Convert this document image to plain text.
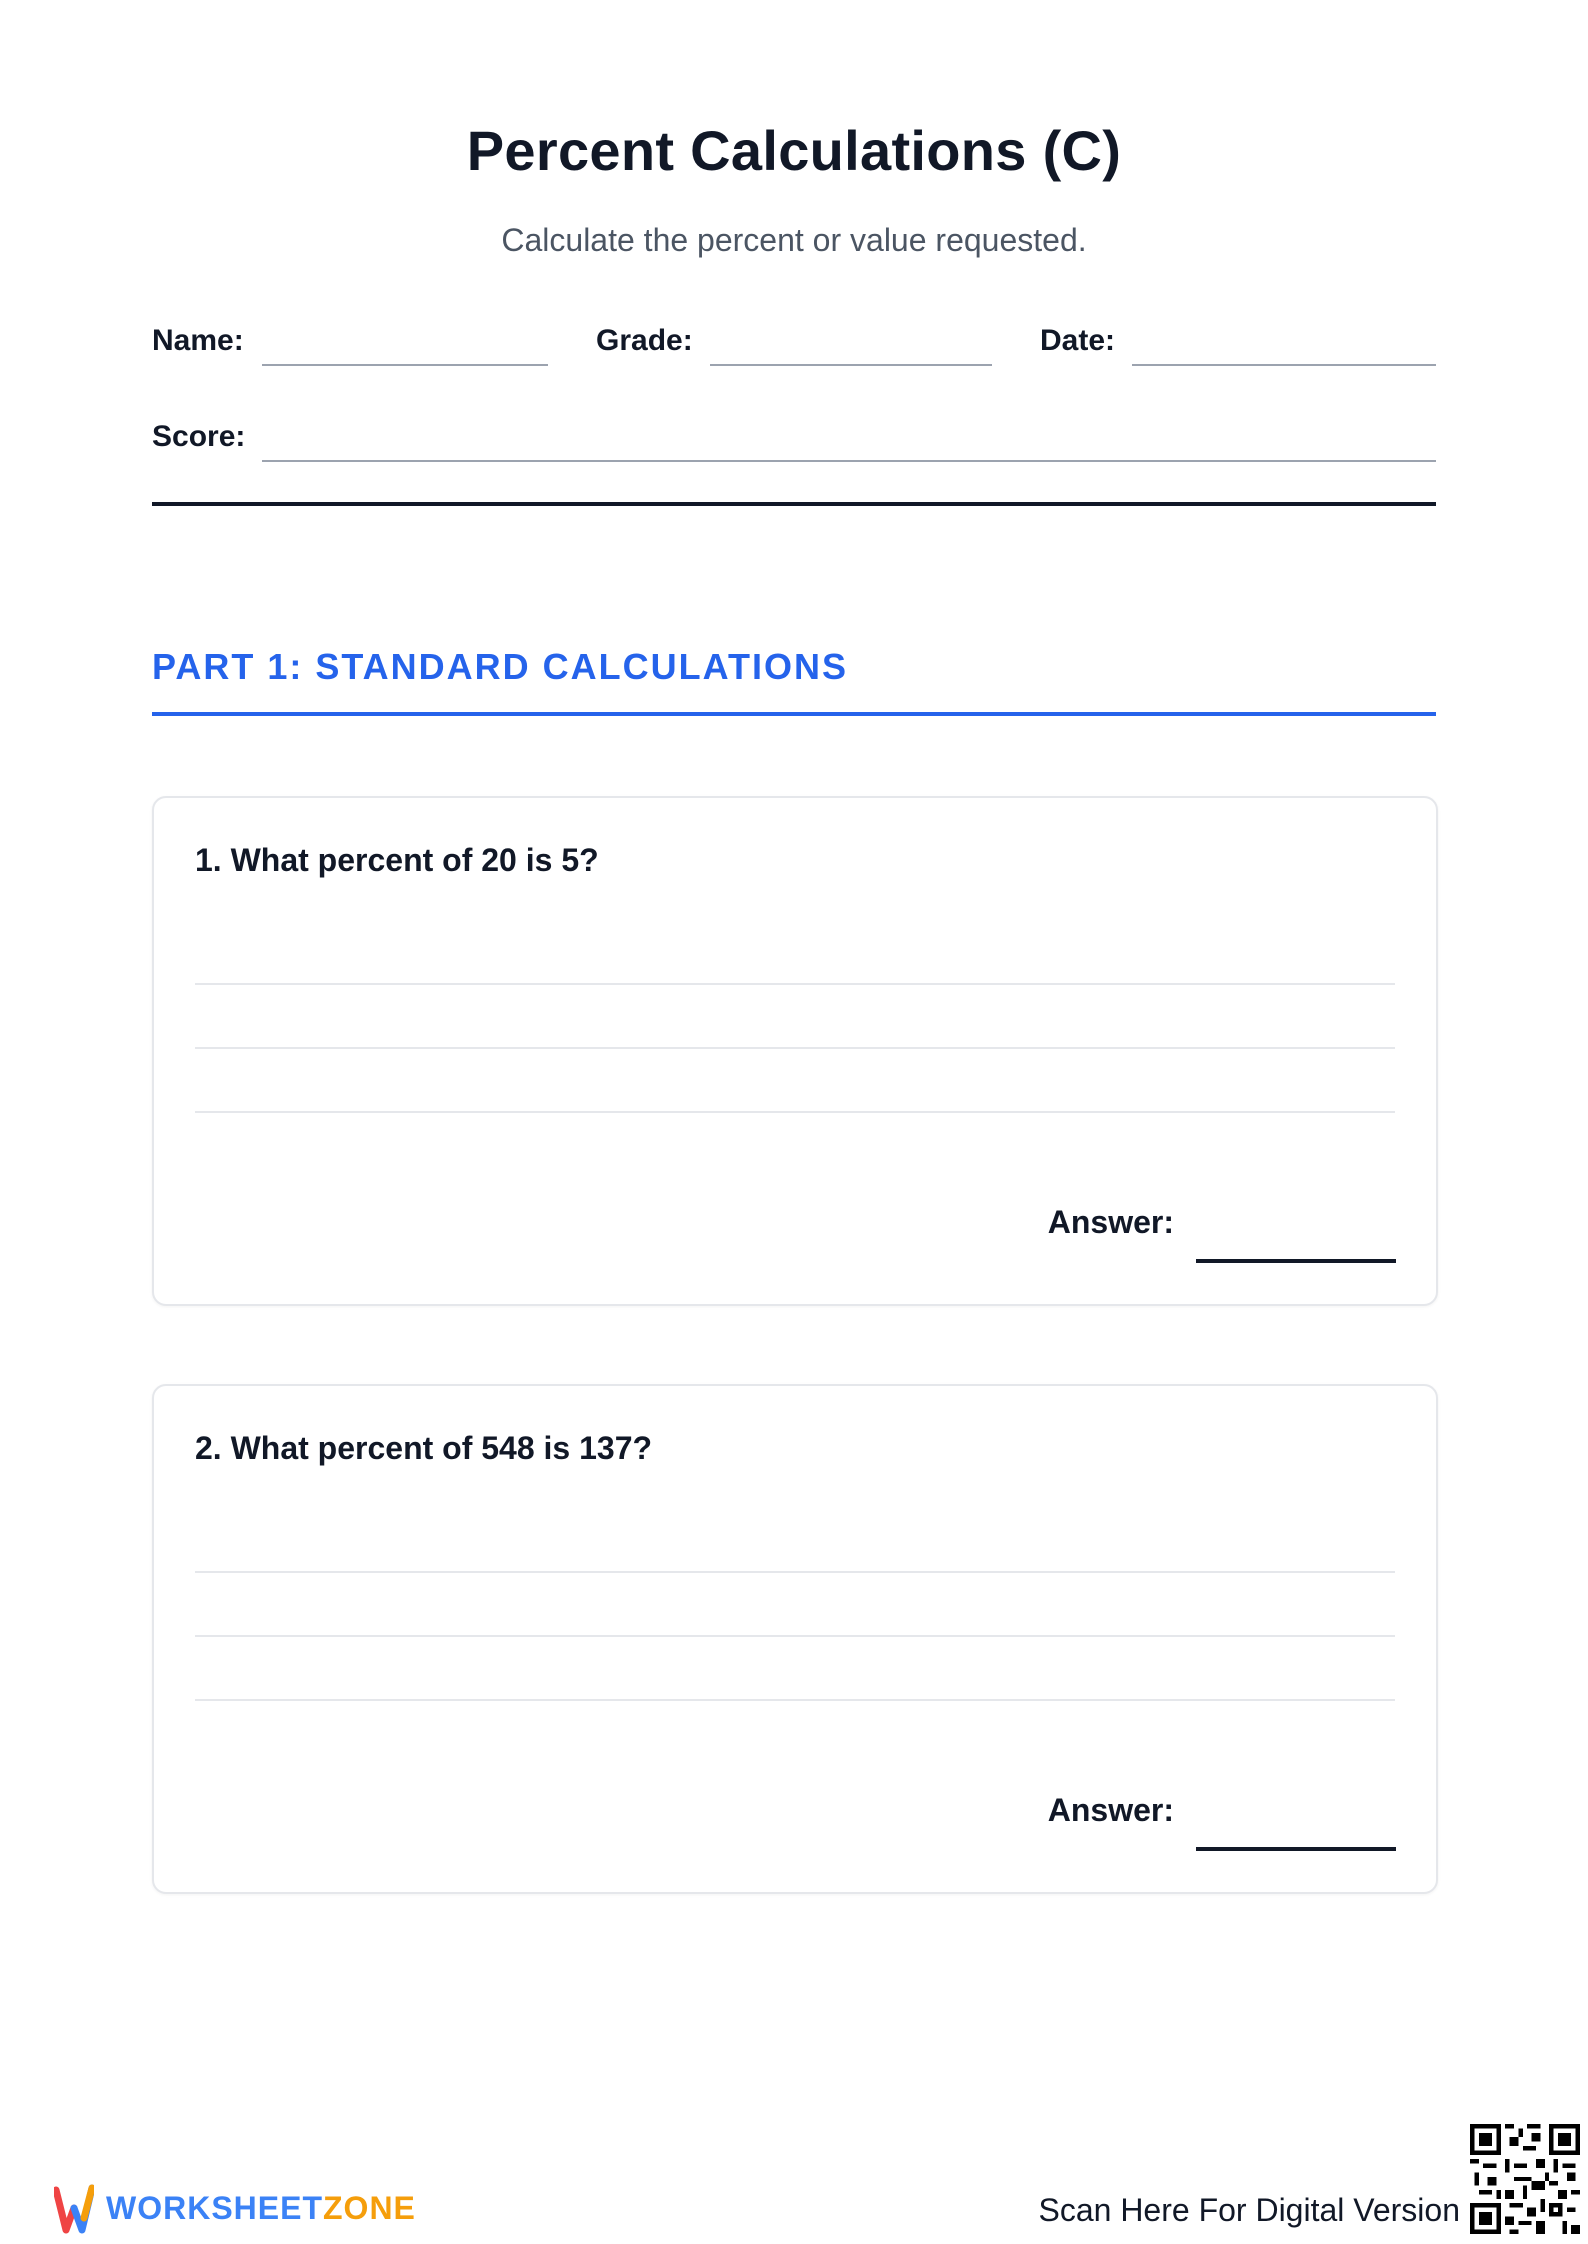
Percent Calculations (C)
Calculate the percent or value requested.
Name:	Grade:	Date:
Score:
PART 1: STANDARD CALCULATIONS
1. What percent of 20 is 5?
Answer:
2. What percent of 548 is 137?
Answer:
WORKSHEETZONE	Scan Here For Digital Version
